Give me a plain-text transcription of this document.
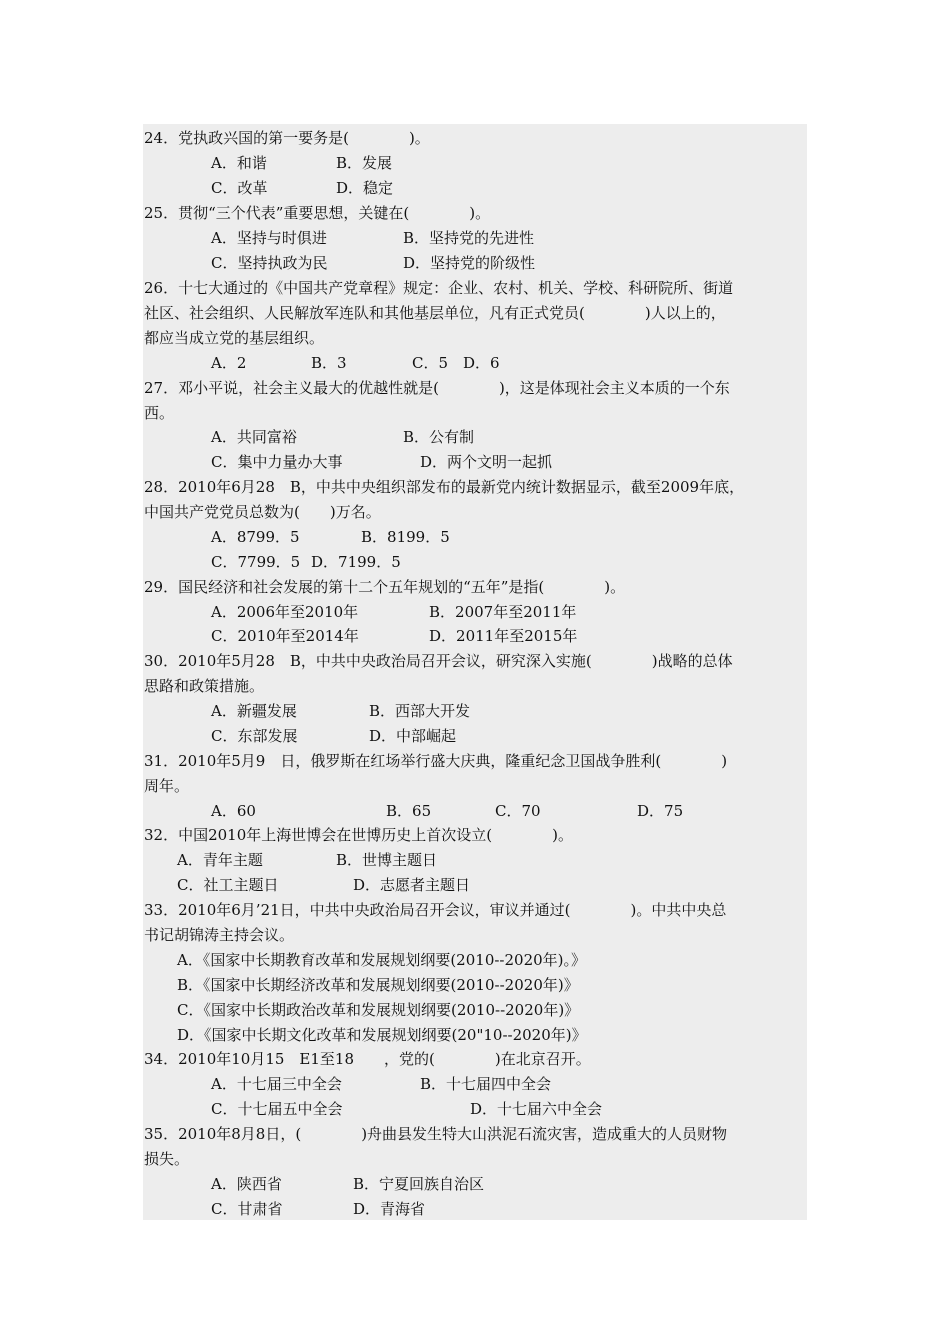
24．党执政兴国的第一要务是(　　　　)。
A．和谐	B．发展
C．改革	D．稳定
25．贯彻“三个代表”重要思想，关键在(　　　　)。
A．坚持与时俱进	B．坚持党的先进性
C．坚持执政为民	D．坚持党的阶级性
26．十七大通过的《中国共产党章程》规定：企业、农村、机关、学校、科研院所、街道
社区、社会组织、人民解放军连队和其他基层单位，凡有正式党员(　　　　)人以上的，
都应当成立党的基层组织。
A．2	B．3	C．5 D．6
27．邓小平说，社会主义最大的优越性就是(　　　　)，这是体现社会主义本质的一个东
西。
A．共同富裕	B．公有制
C．集中力量办大事	D．两个文明一起抓
28．2010年6月28　B，中共中央组织部发布的最新党内统计数据显示，截至2009年底，
中国共产党党员总数为(　　)万名。
A．8799．5	B．8199．5
C．7799．5 D．7199．5
29．国民经济和社会发展的第十二个五年规划的“五年”是指(　　　　)。
A．2006年至2010年	B．2007年至2011年
C．2010年至2014年	D．2011年至2015年
30．2010年5月28　B，中共中央政治局召开会议，研究深入实施(　　　　)战略的总体
思路和政策措施。
A．新疆发展	B．西部大开发
C．东部发展	D．中部崛起
31．2010年5月9　日，俄罗斯在红场举行盛大庆典，隆重纪念卫国战争胜利(　　　　)
周年。
A．60	B．65	C．70	D．75
32．中国2010年上海世博会在世博历史上首次设立(　　　　)。
A．青年主题	B．世博主题日
C．社工主题日	D．志愿者主题日
33．2010年6月’21日，中共中央政治局召开会议，审议并通过(　　　　)。中共中央总
书记胡锦涛主持会议。
A．《国家中长期教育改革和发展规划纲要(2010--2020年)。》
B．《国家中长期经济改革和发展规划纲要(2010--2020年)》
C．《国家中长期政治改革和发展规划纲要(2010--2020年)》
D．《国家中长期文化改革和发展规划纲要(20"10--2020年)》
34．2010年10月15　E1至18　　，党的(　　　　)在北京召开。
A．十七届三中全会	B．十七届四中全会
C．十七届五中全会	D．十七届六中全会
35．2010年8月8日，(　　　　)舟曲县发生特大山洪泥石流灾害，造成重大的人员财物
损失。
A．陕西省	B．宁夏回族自治区
C．甘肃省	D．青海省
